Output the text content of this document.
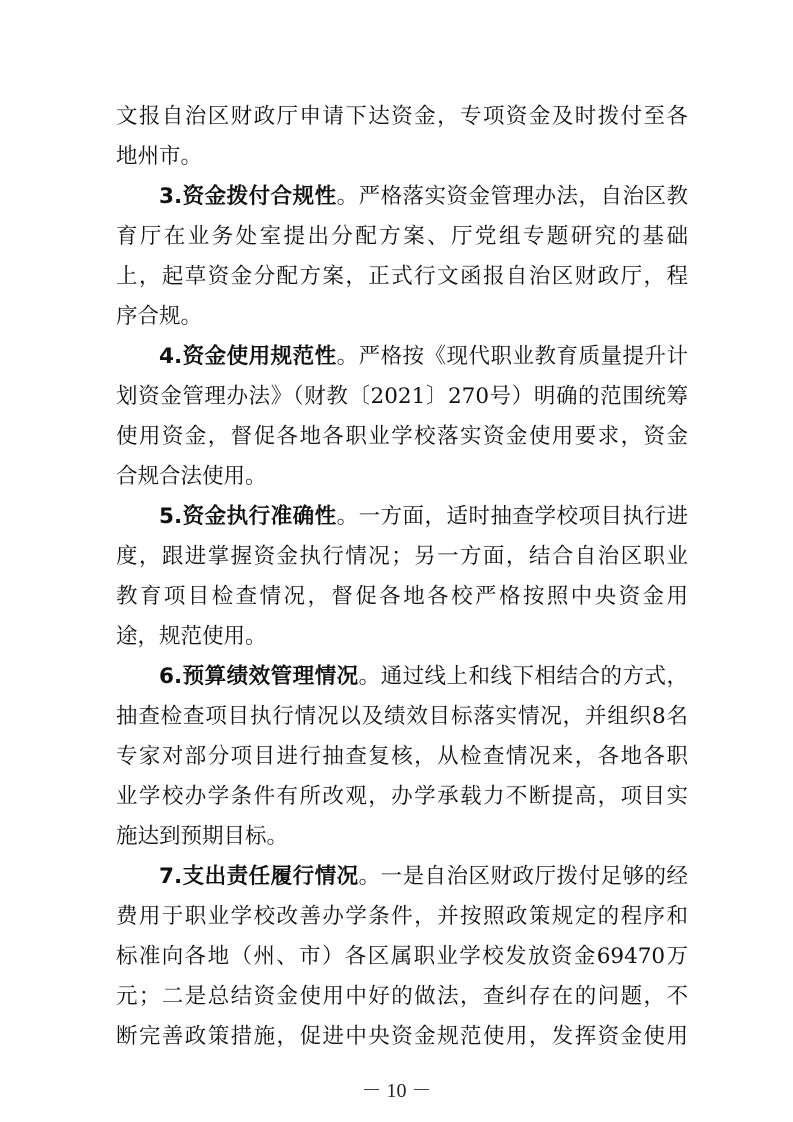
文报自治区财政厅申请下达资金，专项资金及时拨付至各
地州市。
3.资金拨付合规性。严格落实资金管理办法，自治区教
育厅在业务处室提出分配方案、厅党组专题研究的基础
上，起草资金分配方案，正式行文函报自治区财政厅，程
序合规。
4.资金使用规范性。严格按《现代职业教育质量提升计
划资金管理办法》（财教〔2021〕270号）明确的范围统筹
使用资金，督促各地各职业学校落实资金使用要求，资金
合规合法使用。
5.资金执行准确性。一方面，适时抽查学校项目执行进
度，跟进掌握资金执行情况；另一方面，结合自治区职业
教育项目检查情况，督促各地各校严格按照中央资金用
途，规范使用。
6.预算绩效管理情况。通过线上和线下相结合的方式，
抽查检查项目执行情况以及绩效目标落实情况，并组织8名
专家对部分项目进行抽查复核，从检查情况来，各地各职
业学校办学条件有所改观，办学承载力不断提高，项目实
施达到预期目标。
7.支出责任履行情况。一是自治区财政厅拨付足够的经
费用于职业学校改善办学条件，并按照政策规定的程序和
标准向各地（州、市）各区属职业学校发放资金69470万
元；二是总结资金使用中好的做法，查纠存在的问题，不
断完善政策措施，促进中央资金规范使用，发挥资金使用
－ 10 －
